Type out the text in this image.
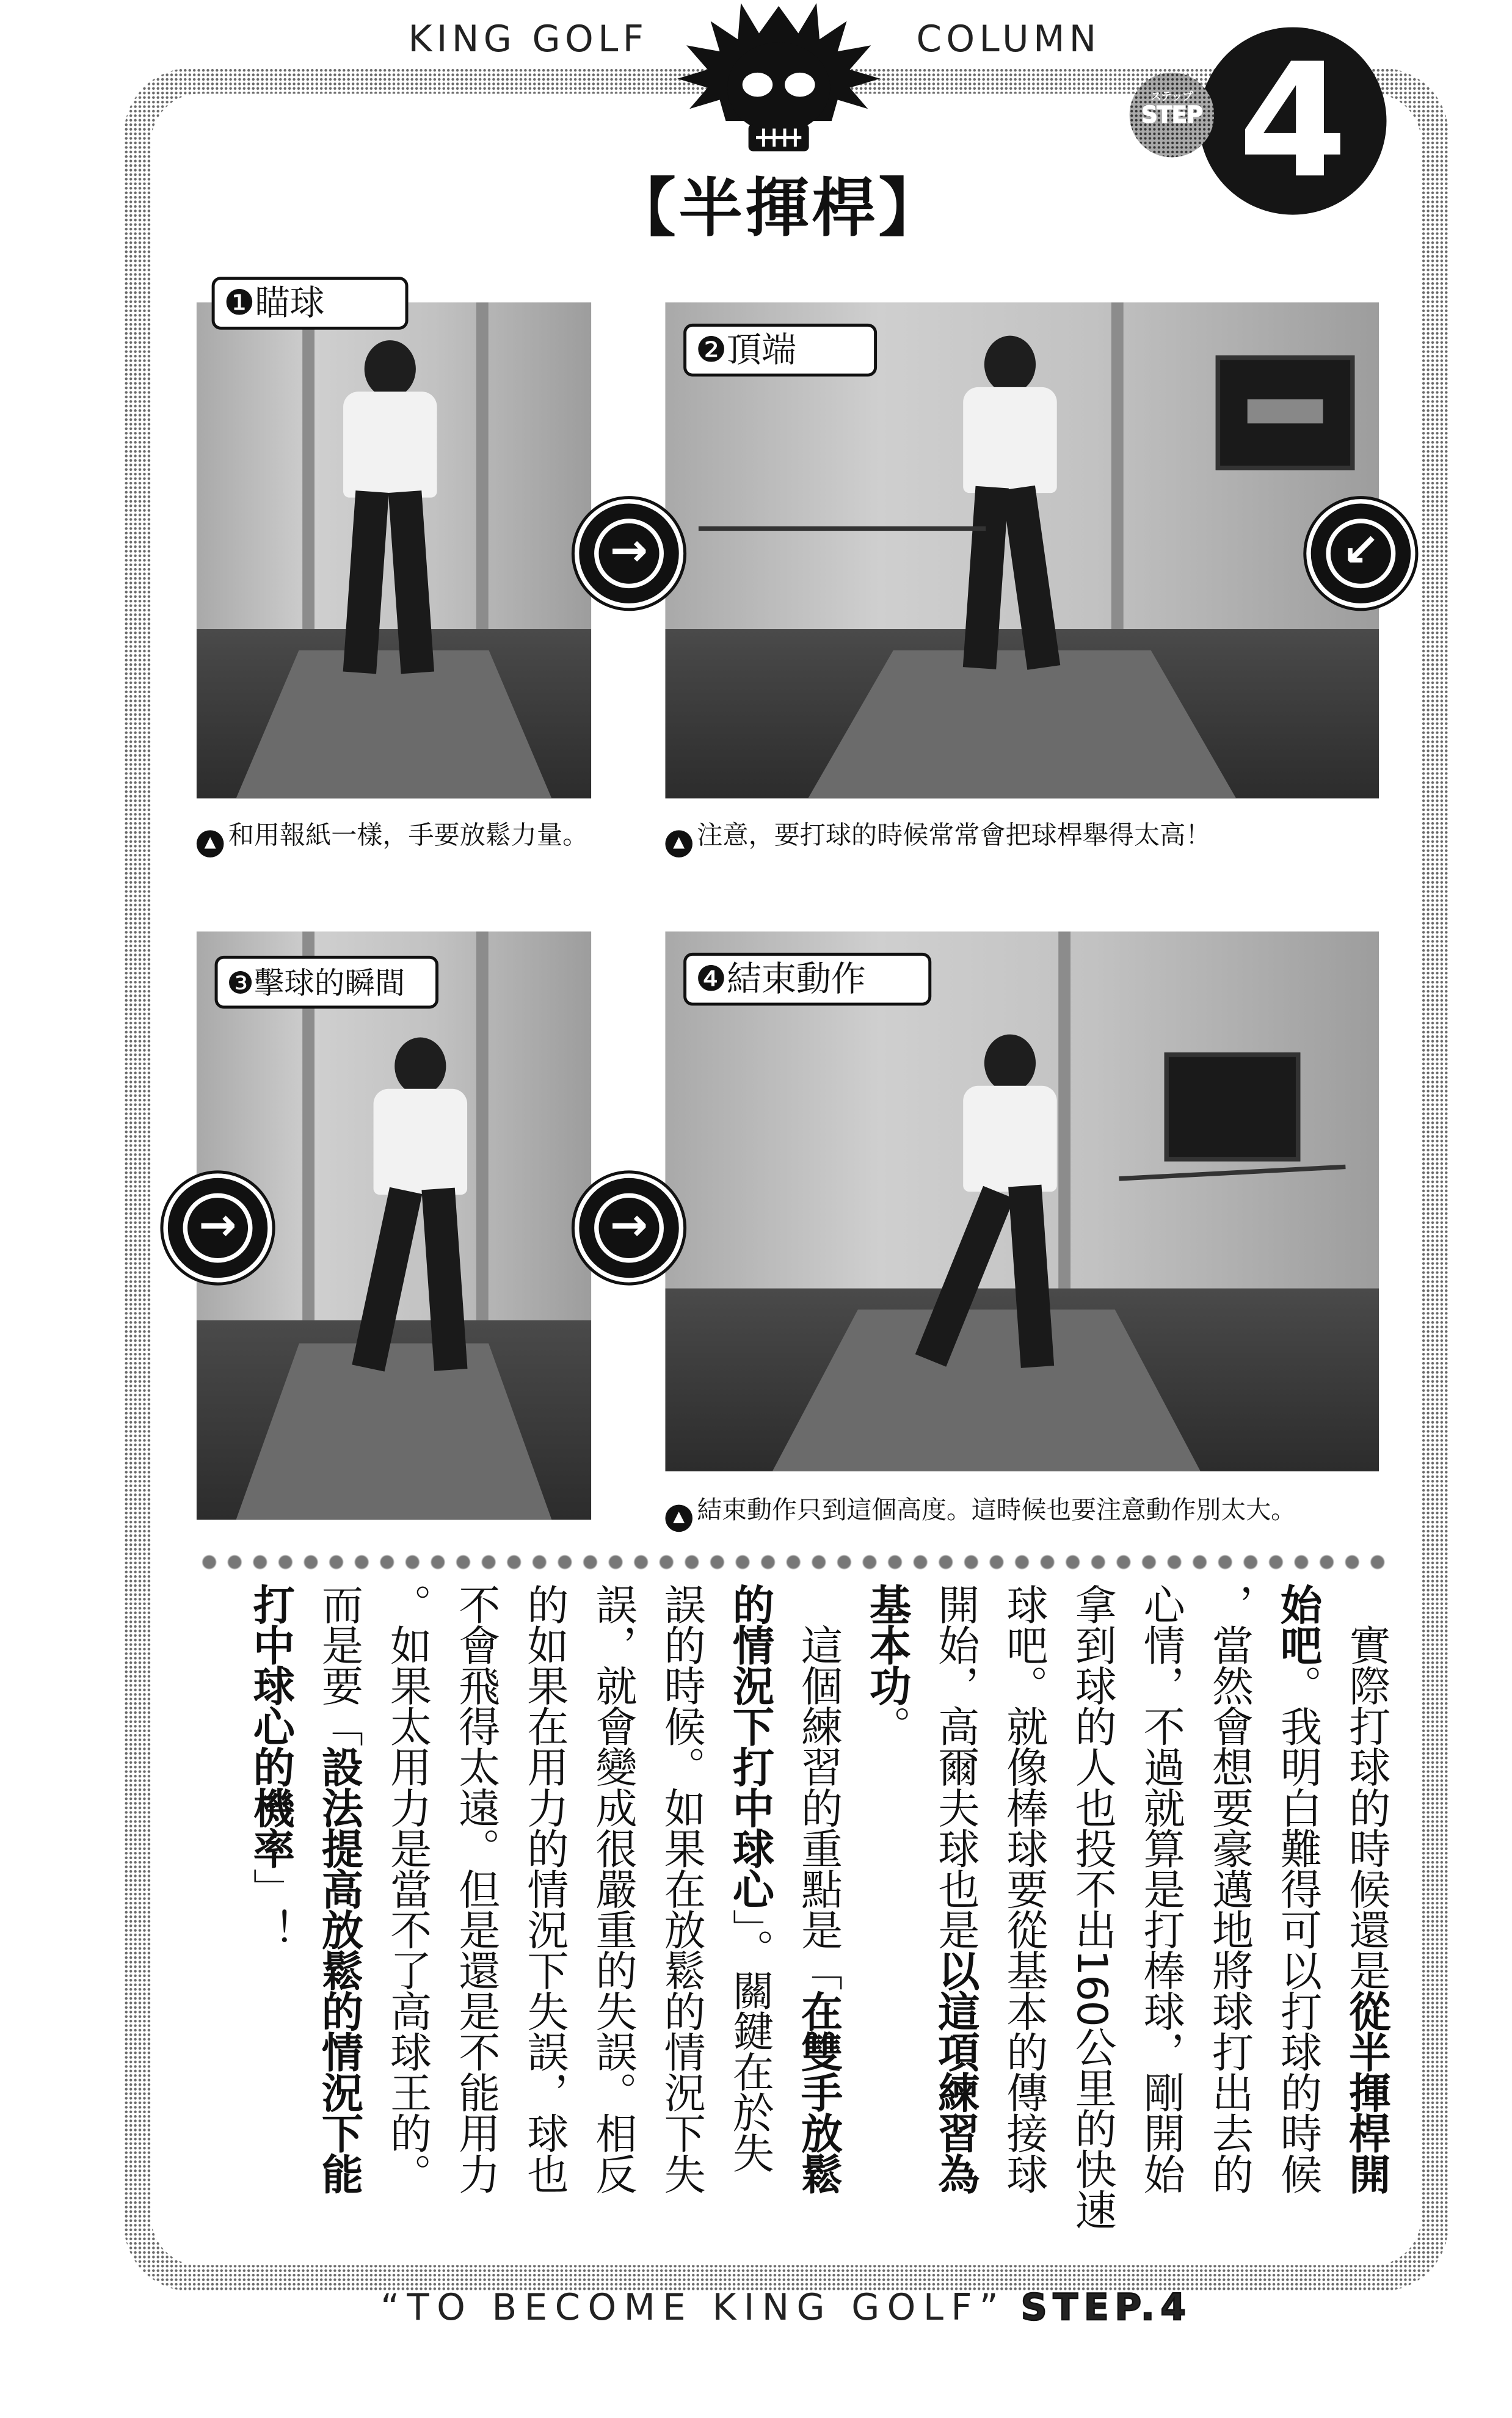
KING GOLF	COLUMN	4
ステップ
STEP
【半揮桿】
❶瞄球
❷頂端
→	↙
▲ 和用報紙一樣，手要放鬆力量。	▲ 注意，要打球的時候常常會把球桿舉得太高！
❸擊球的瞬間	❹結束動作
→	→
▲ 結束動作只到這個高度。這時候也要注意動作別太大。
　實際打球的時候還是從半揮桿開
始吧。我明白難得可以打球的時候
，當然會想要豪邁地將球打出去的
心情，不過就算是打棒球，剛開始
拿到球的人也投不出160公里的快速
球吧。就像棒球要從基本的傳接球
開始，高爾夫球也是以這項練習為
基本功。
　這個練習的重點是「在雙手放鬆
的情況下打中球心」。關鍵在於失
誤的時候。如果在放鬆的情況下失
誤，就會變成很嚴重的失誤。相反
的如果在用力的情況下失誤，球也
不會飛得太遠。但是還是不能用力
。如果太用力是當不了高球王的。
而是要「設法提高放鬆的情況下能
打中球心的機率」！
“TO BECOME KING GOLF” STEP.4
